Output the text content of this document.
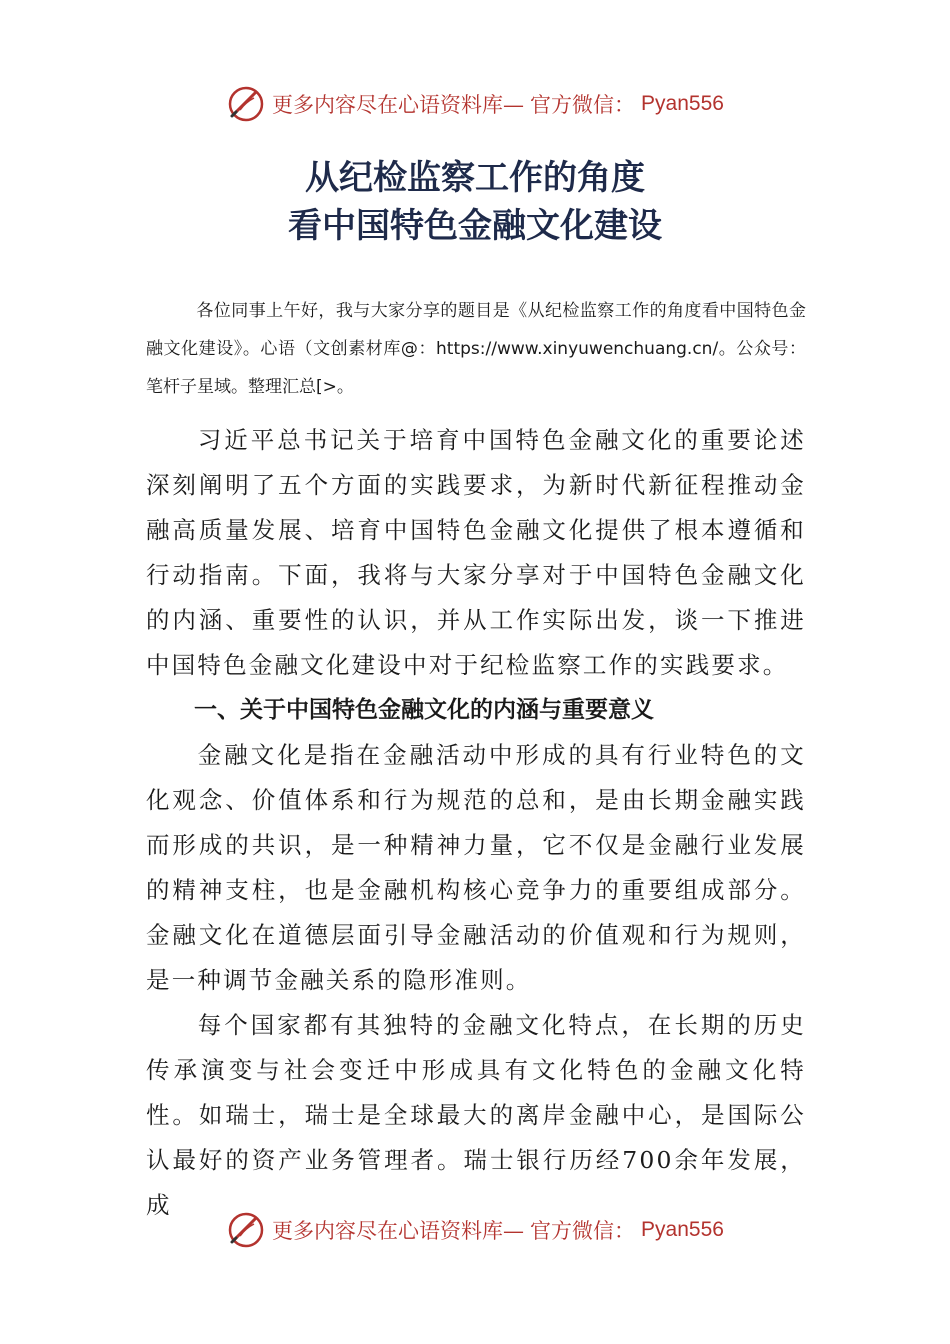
更多内容尽在心语资料库— 官方微信： Pyan556
从纪检监察工作的角度
看中国特色金融文化建设
各位同事上午好，我与大家分享的题目是《从纪检监察工作的角度看中国特色金融文化建设》。心语（文创素材库@：https://www.xinyuwenchuang.cn/。公众号：笔杆子星域。整理汇总[>。
习近平总书记关于培育中国特色金融文化的重要论述深刻阐明了五个方面的实践要求，为新时代新征程推动金融高质量发展、培育中国特色金融文化提供了根本遵循和行动指南。下面，我将与大家分享对于中国特色金融文化的内涵、重要性的认识，并从工作实际出发，谈一下推进中国特色金融文化建设中对于纪检监察工作的实践要求。
一、关于中国特色金融文化的内涵与重要意义
金融文化是指在金融活动中形成的具有行业特色的文化观念、价值体系和行为规范的总和，是由长期金融实践而形成的共识，是一种精神力量，它不仅是金融行业发展的精神支柱，也是金融机构核心竞争力的重要组成部分。金融文化在道德层面引导金融活动的价值观和行为规则，是一种调节金融关系的隐形准则。
每个国家都有其独特的金融文化特点，在长期的历史传承演变与社会变迁中形成具有文化特色的金融文化特性。如瑞士，瑞士是全球最大的离岸金融中心，是国际公认最好的资产业务管理者。瑞士银行历经700余年发展，成
更多内容尽在心语资料库— 官方微信： Pyan556
